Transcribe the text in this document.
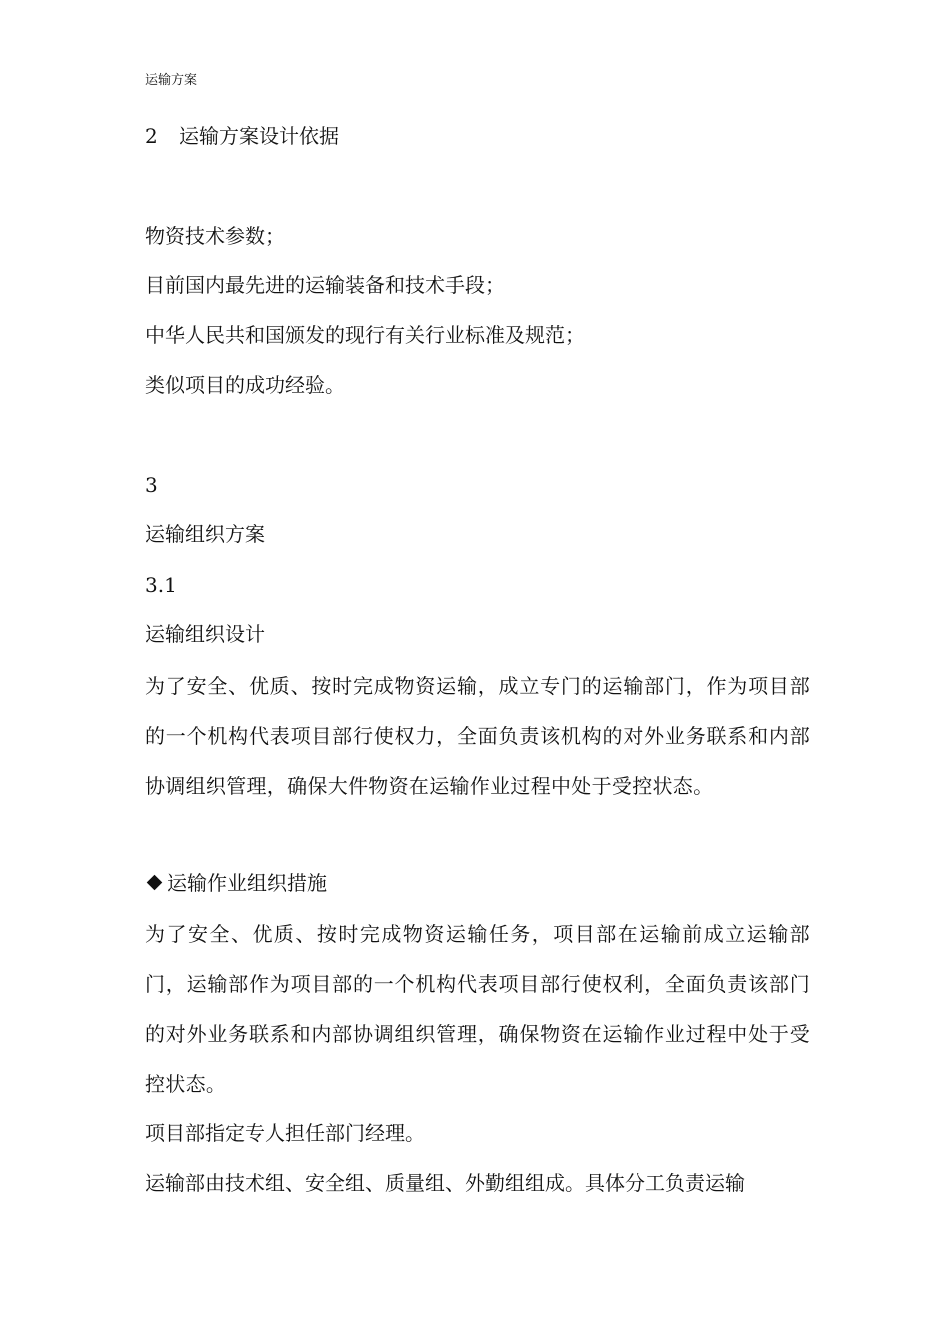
运输方案
2 运输方案设计依据
物资技术参数；
目前国内最先进的运输装备和技术手段；
中华人民共和国颁发的现行有关行业标准及规范；
类似项目的成功经验。
3
运输组织方案
3.1
运输组织设计
为了安全、优质、按时完成物资运输，成立专门的运输部门，作为项目部的一个机构代表项目部行使权力，全面负责该机构的对外业务联系和内部协调组织管理，确保大件物资在运输作业过程中处于受控状态。
运输作业组织措施
为了安全、优质、按时完成物资运输任务，项目部在运输前成立运输部门，运输部作为项目部的一个机构代表项目部行使权利，全面负责该部门的对外业务联系和内部协调组织管理，确保物资在运输作业过程中处于受控状态。
项目部指定专人担任部门经理。
运输部由技术组、安全组、质量组、外勤组组成。具体分工负责运输
